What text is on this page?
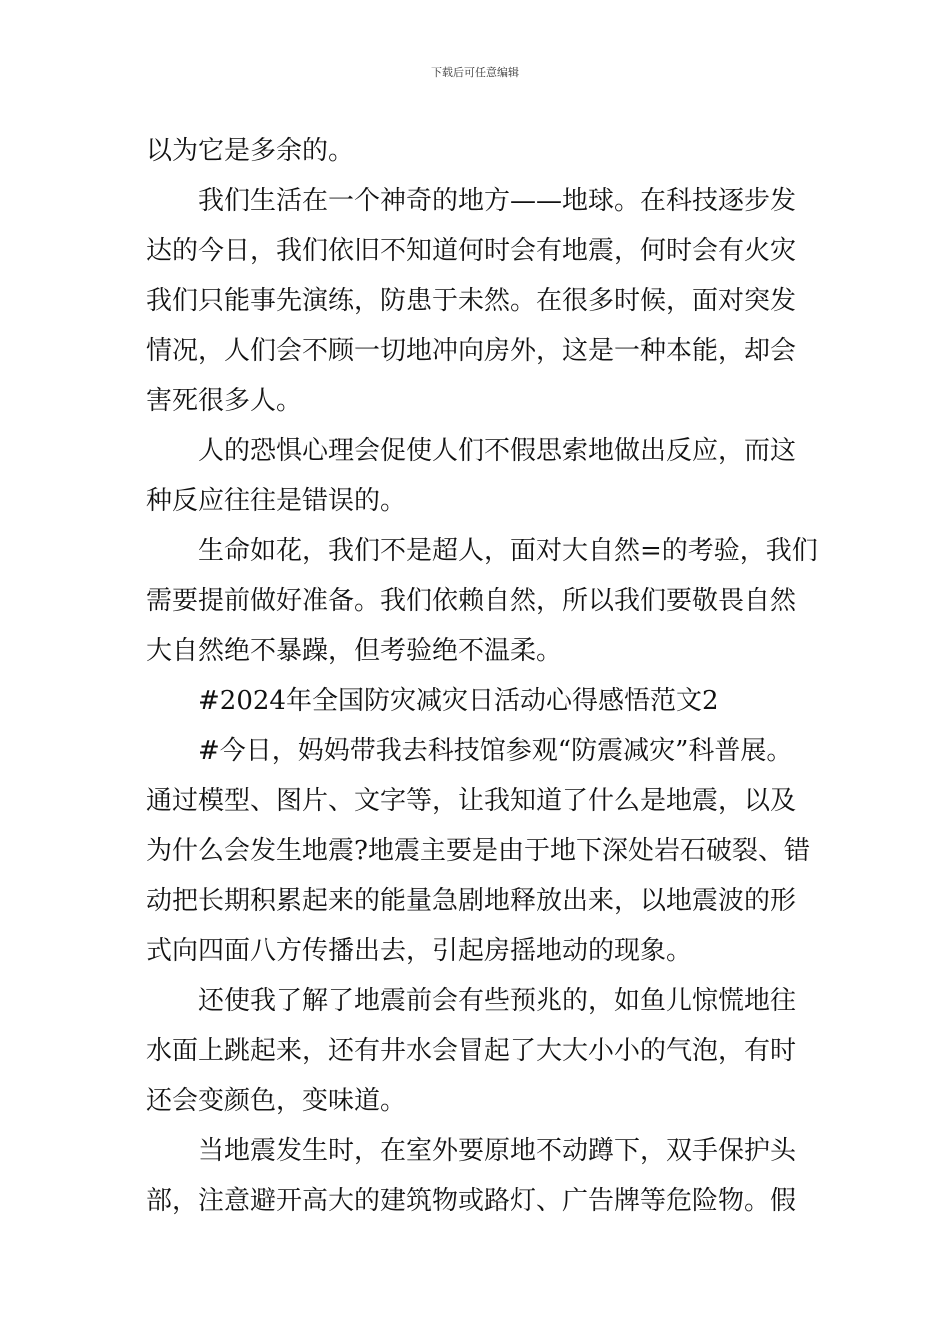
下载后可任意编辑
以为它是多余的。
我们生活在一个神奇的地方——地球。在科技逐步发
达的今日，我们依旧不知道何时会有地震，何时会有火灾
我们只能事先演练，防患于未然。在很多时候，面对突发
情况，人们会不顾一切地冲向房外，这是一种本能，却会
害死很多人。
人的恐惧心理会促使人们不假思索地做出反应，而这
种反应往往是错误的。
生命如花，我们不是超人，面对大自然=的考验，我们
需要提前做好准备。我们依赖自然，所以我们要敬畏自然
大自然绝不暴躁，但考验绝不温柔。
#2024年全国防灾减灾日活动心得感悟范文2
#今日，妈妈带我去科技馆参观“防震减灾”科普展。
通过模型、图片、文字等，让我知道了什么是地震，以及
为什么会发生地震?地震主要是由于地下深处岩石破裂、错
动把长期积累起来的能量急剧地释放出来，以地震波的形
式向四面八方传播出去，引起房摇地动的现象。
还使我了解了地震前会有些预兆的，如鱼儿惊慌地往
水面上跳起来，还有井水会冒起了大大小小的气泡，有时
还会变颜色，变味道。
当地震发生时，在室外要原地不动蹲下，双手保护头
部，注意避开高大的建筑物或路灯、广告牌等危险物。假
